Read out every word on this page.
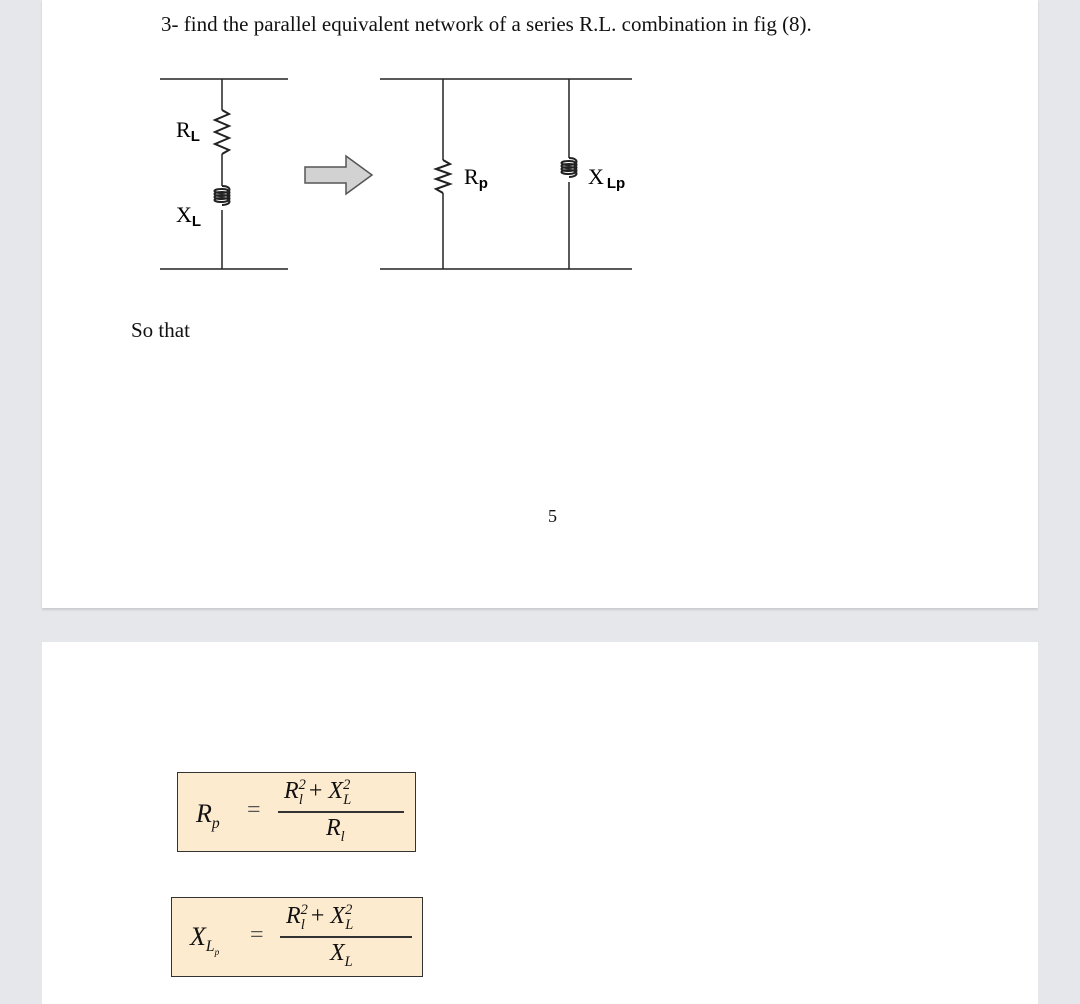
3- find the parallel equivalent network of a series R.L. combination in fig (8).
RL
XL
Rp	X Lp
So that
5
$R_p$
=
$R^2_l + X^2_L$
$R_l$
$X_{L_p}$
=
$R^2_l + X^2_L$
$X_L$
